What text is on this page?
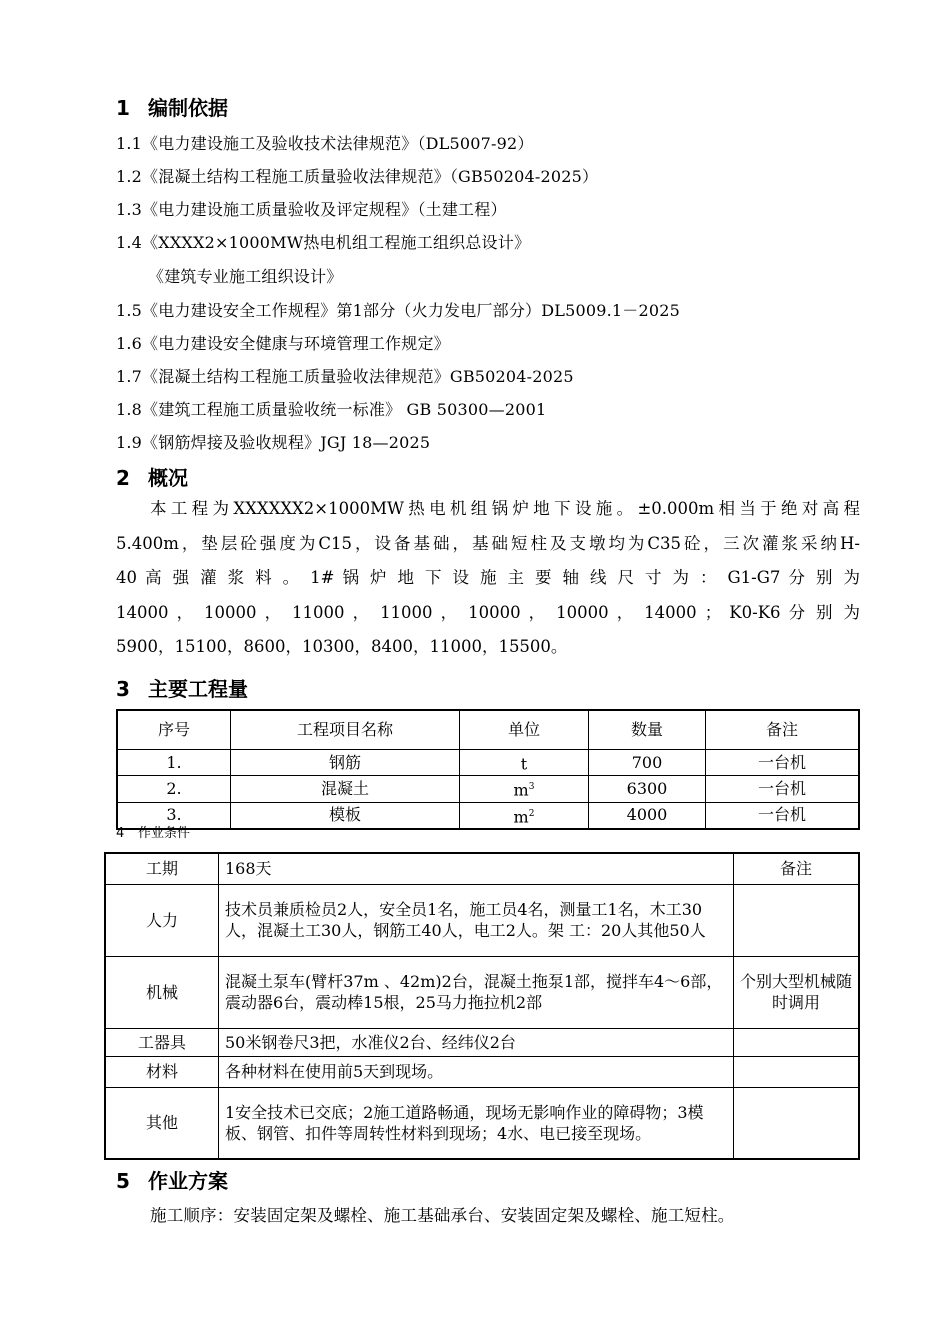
1 编制依据
1.1《电力建设施工及验收技术法律规范》（DL5007-92）
1.2《混凝土结构工程施工质量验收法律规范》（GB50204-2025）
1.3《电力建设施工质量验收及评定规程》（土建工程）
1.4《XXXX2×1000MW热电机组工程施工组织总设计》
《建筑专业施工组织设计》
1.5《电力建设安全工作规程》第1部分（火力发电厂部分）DL5009.1－2025
1.6《电力建设安全健康与环境管理工作规定》
1.7《混凝土结构工程施工质量验收法律规范》GB50204-2025
1.8《建筑工程施工质量验收统一标准》 GB 50300—2001
1.9《钢筋焊接及验收规程》JGJ 18—2025
2 概况
本工程为XXXXXX2×1000MW热电机组锅炉地下设施。±0.000m相当于绝对高程
5.400m，垫层砼强度为C15，设备基础，基础短柱及支墩均为C35砼，三次灌浆采纳H-
40 高 强 灌 浆 料 。 1# 锅 炉 地 下 设 施 主 要 轴 线 尺 寸 为 ： G1-G7 分 别 为
14000 ， 10000 ， 11000 ， 11000 ， 10000 ， 10000 ， 14000 ； K0-K6 分 别 为
5900，15100，8600，10300，8400，11000，15500。
3 主要工程量
序号	工程项目名称	单位	数量	备注
1.	钢筋	t	700	一台机
2.	混凝土	$m^3$	6300	一台机
3.	模板	$m^2$	4000	一台机
4 作业条件
工期	168天	备注
人力	技术员兼质检员2人，安全员1名，施工员4名，测量工1名，木工30人，混凝土工30人，钢筋工40人，电工2人。架 工：20人其他50人	
机械	混凝土泵车(臂杆37m 、42m)2台，混凝土拖泵1部，搅拌车4～6部，震动器6台，震动棒15根，25马力拖拉机2部	个别大型机械随时调用
工器具	50米钢卷尺3把，水准仪2台、经纬仪2台	
材料	各种材料在使用前5天到现场。	
其他	1安全技术已交底；2施工道路畅通，现场无影响作业的障碍物；3模板、钢管、扣件等周转性材料到现场；4水、电已接至现场。	
5 作业方案
施工顺序：安装固定架及螺栓、施工基础承台、安装固定架及螺栓、施工短柱。
